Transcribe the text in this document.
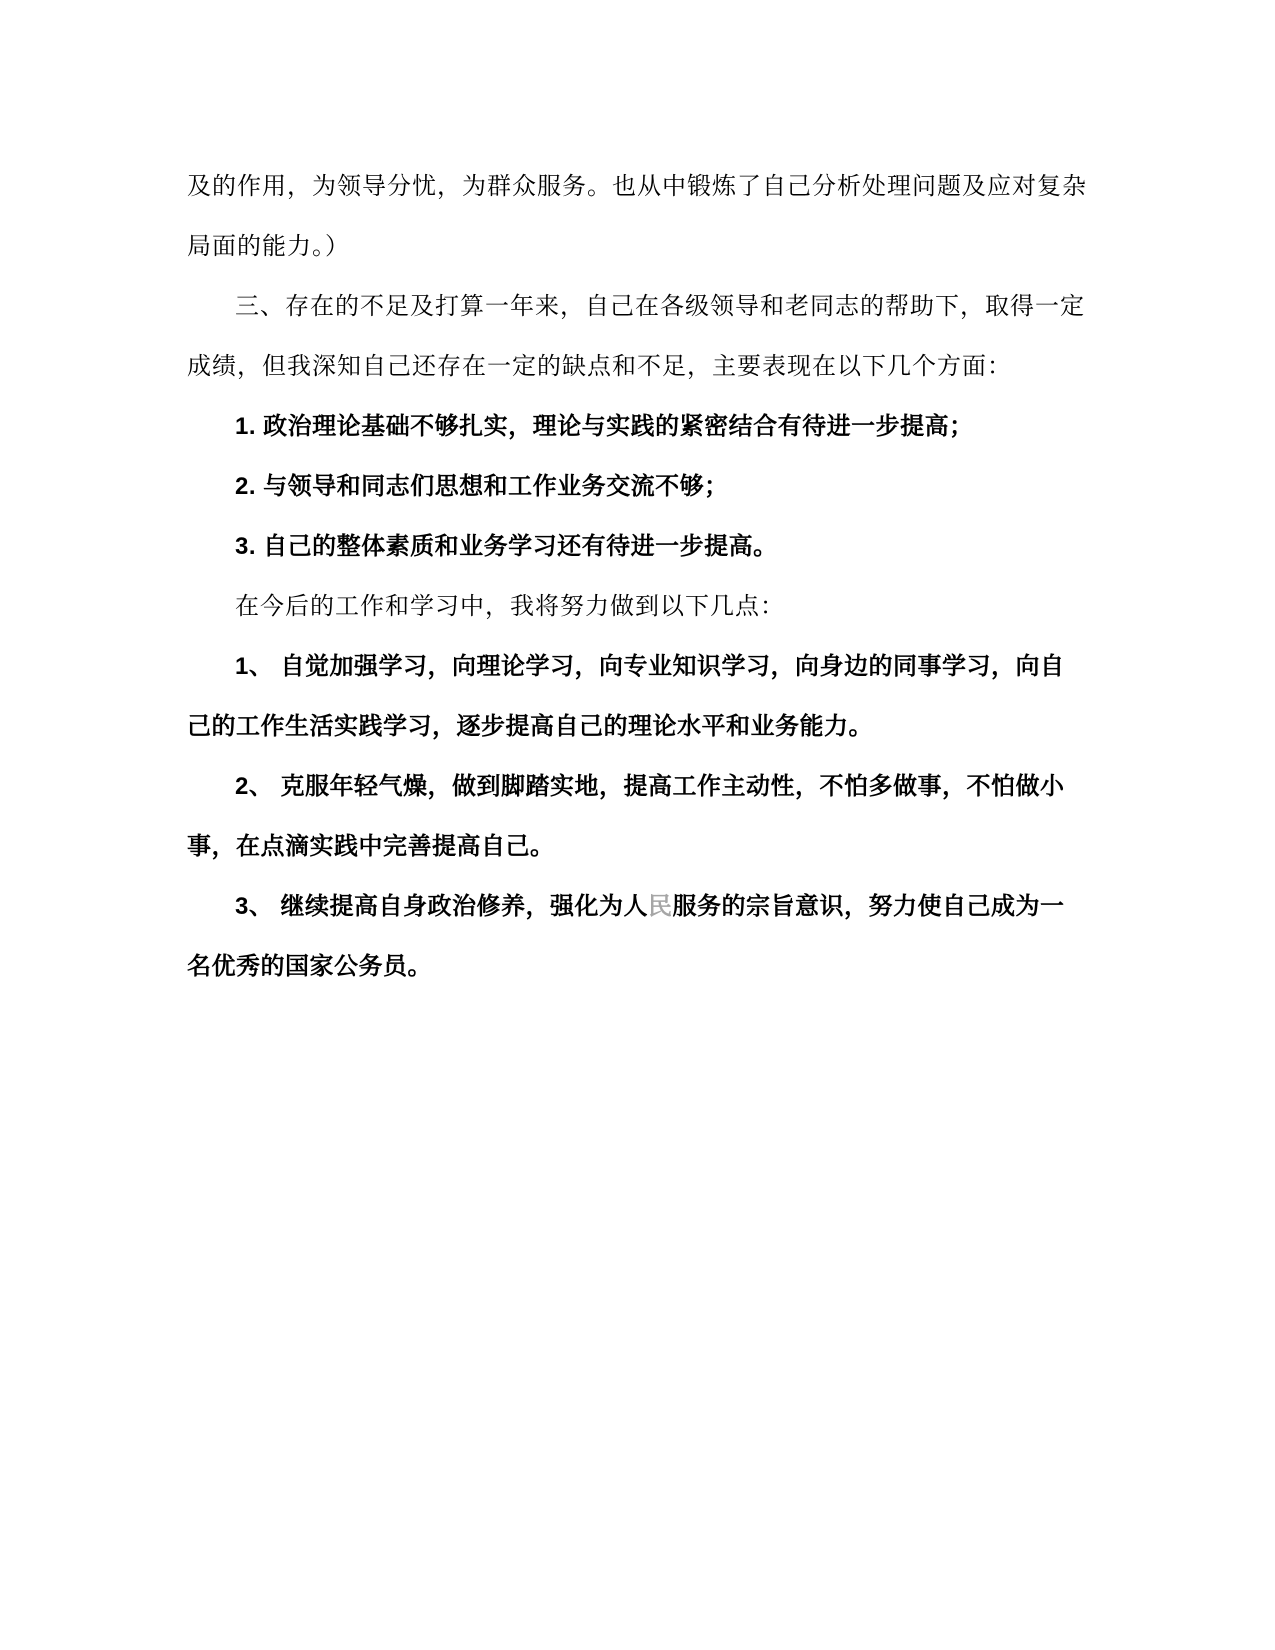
及的作用，为领导分忧，为群众服务。也从中锻炼了自己分析处理问题及应对复杂
局面的能力。）
三、存在的不足及打算一年来，自己在各级领导和老同志的帮助下，取得一定
成绩，但我深知自己还存在一定的缺点和不足，主要表现在以下几个方面：
1. 政治理论基础不够扎实，理论与实践的紧密结合有待进一步提高；
2. 与领导和同志们思想和工作业务交流不够；
3. 自己的整体素质和业务学习还有待进一步提高。
在今后的工作和学习中，我将努力做到以下几点：
1、 自觉加强学习，向理论学习，向专业知识学习，向身边的同事学习，向自
己的工作生活实践学习，逐步提高自己的理论水平和业务能力。
2、 克服年轻气燥，做到脚踏实地，提高工作主动性，不怕多做事，不怕做小
事，在点滴实践中完善提高自己。
3、 继续提高自身政治修养，强化为人民服务的宗旨意识，努力使自己成为一
名优秀的国家公务员。
